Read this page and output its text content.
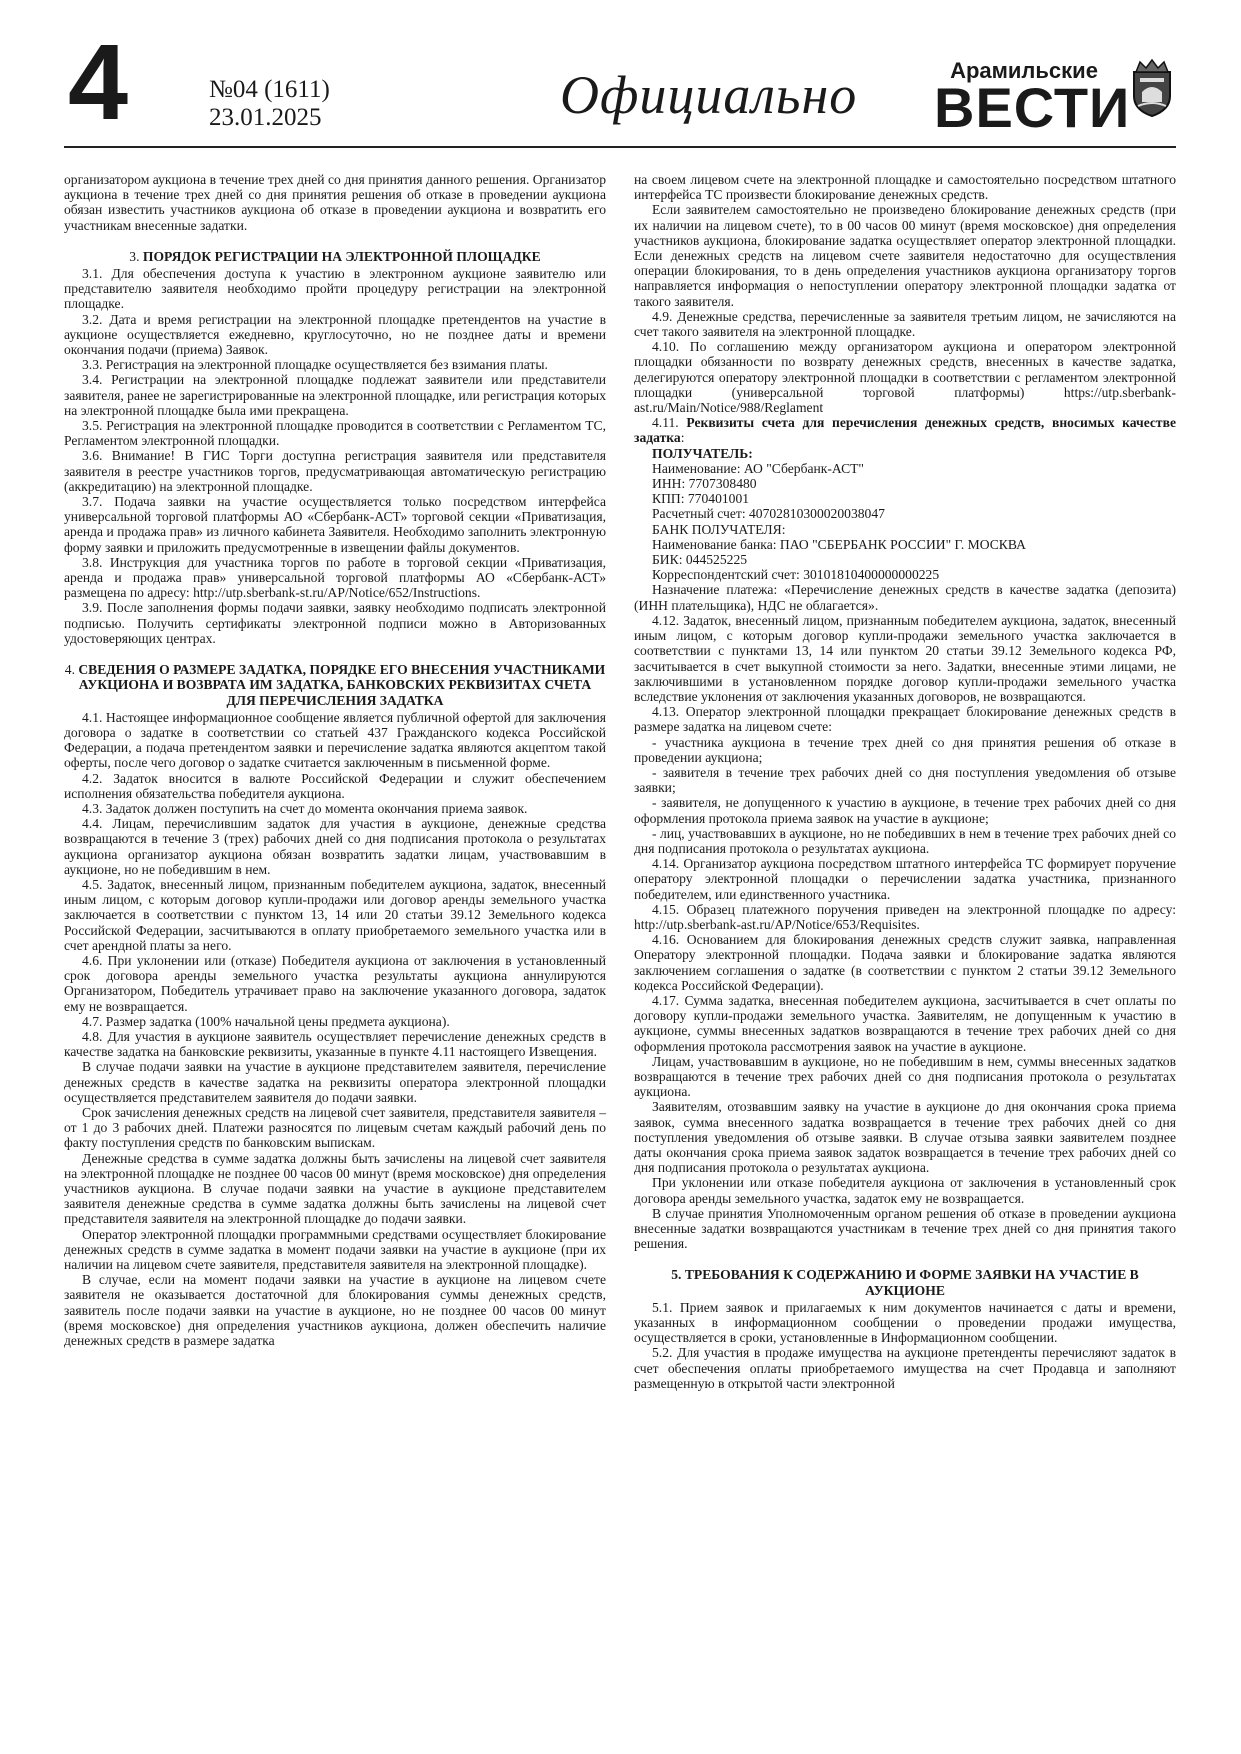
4	№04 (1611)
23.01.2025	Официально	Арамильские
ВЕСТИ

организатором аукциона в течение трех дней со дня принятия данного решения. Организатор аукциона в течение трех дней со дня принятия решения об отказе в проведении аукциона обязан известить участников аукциона об отказе в проведении аукциона и возвратить его участникам внесенные задатки.

3. ПОРЯДОК РЕГИСТРАЦИИ НА ЭЛЕКТРОННОЙ ПЛОЩАДКЕ

3.1. Для обеспечения доступа к участию в электронном аукционе заявителю или представителю заявителя необходимо пройти процедуру регистрации на электронной площадке.

3.2. Дата и время регистрации на электронной площадке претендентов на участие в аукционе осуществляется ежедневно, круглосуточно, но не позднее даты и времени окончания подачи (приема) Заявок.

3.3. Регистрация на электронной площадке осуществляется без взимания платы.

3.4. Регистрации на электронной площадке подлежат заявители или представители заявителя, ранее не зарегистрированные на электронной площадке, или регистрация которых на электронной площадке была ими прекращена.

3.5. Регистрация на электронной площадке проводится в соответствии с Регламентом ТС, Регламентом электронной площадки.

3.6. Внимание! В ГИС Торги доступна регистрация заявителя или представителя заявителя в реестре участников торгов, предусматривающая автоматическую регистрацию (аккредитацию) на электронной площадке.

3.7. Подача заявки на участие осуществляется только посредством интерфейса универсальной торговой платформы АО «Сбербанк-АСТ» торговой секции «Приватизация, аренда и продажа прав» из личного кабинета Заявителя. Необходимо заполнить электронную форму заявки и приложить предусмотренные в извещении файлы документов.

3.8. Инструкция для участника торгов по работе в торговой секции «Приватизация, аренда и продажа прав» универсальной торговой платформы АО «Сбербанк-АСТ» размещена по адресу: http://utp.sberbank-st.ru/AP/Notice/652/Instructions.

3.9. После заполнения формы подачи заявки, заявку необходимо подписать электронной подписью. Получить сертификаты электронной подписи можно в Авторизованных удостоверяющих центрах.

4. СВЕДЕНИЯ О РАЗМЕРЕ ЗАДАТКА, ПОРЯДКЕ ЕГО ВНЕСЕНИЯ УЧАСТНИКАМИ АУКЦИОНА И ВОЗВРАТА ИМ ЗАДАТКА, БАНКОВСКИХ РЕКВИЗИТАХ СЧЕТА ДЛЯ ПЕРЕЧИСЛЕНИЯ ЗАДАТКА

4.1. Настоящее информационное сообщение является публичной офертой для заключения договора о задатке в соответствии со статьей 437 Гражданского кодекса Российской Федерации, а подача претендентом заявки и перечисление задатка являются акцептом такой оферты, после чего договор о задатке считается заключенным в письменной форме.

4.2. Задаток вносится в валюте Российской Федерации и служит обеспечением исполнения обязательства победителя аукциона.

4.3. Задаток должен поступить на счет до момента окончания приема заявок.

4.4. Лицам, перечислившим задаток для участия в аукционе, денежные средства возвращаются в течение 3 (трех) рабочих дней со дня подписания протокола о результатах аукциона организатор аукциона обязан возвратить задатки лицам, участвовавшим в аукционе, но не победившим в нем.

4.5. Задаток, внесенный лицом, признанным победителем аукциона, задаток, внесенный иным лицом, с которым договор купли-продажи или договор аренды земельного участка заключается в соответствии с пунктом 13, 14 или 20 статьи 39.12 Земельного кодекса Российской Федерации, засчитываются в оплату приобретаемого земельного участка или в счет арендной платы за него.

4.6. При уклонении или (отказе) Победителя аукциона от заключения в установленный срок договора аренды земельного участка результаты аукциона аннулируются Организатором, Победитель утрачивает право на заключение указанного договора, задаток ему не возвращается.

4.7. Размер задатка (100% начальной цены предмета аукциона).

4.8. Для участия в аукционе заявитель осуществляет перечисление денежных средств в качестве задатка на банковские реквизиты, указанные в пункте 4.11 настоящего Извещения.

В случае подачи заявки на участие в аукционе представителем заявителя, перечисление денежных средств в качестве задатка на реквизиты оператора электронной площадки осуществляется представителем заявителя до подачи заявки.

Срок зачисления денежных средств на лицевой счет заявителя, представителя заявителя – от 1 до 3 рабочих дней. Платежи разносятся по лицевым счетам каждый рабочий день по факту поступления средств по банковским выпискам.

Денежные средства в сумме задатка должны быть зачислены на лицевой счет заявителя на электронной площадке не позднее 00 часов 00 минут (время московское) дня определения участников аукциона. В случае подачи заявки на участие в аукционе представителем заявителя денежные средства в сумме задатка должны быть зачислены на лицевой счет представителя заявителя на электронной площадке до подачи заявки.

Оператор электронной площадки программными средствами осуществляет блокирование денежных средств в сумме задатка в момент подачи заявки на участие в аукционе (при их наличии на лицевом счете заявителя, представителя заявителя на электронной площадке).

В случае, если на момент подачи заявки на участие в аукционе на лицевом счете заявителя не оказывается достаточной для блокирования суммы денежных средств, заявитель после подачи заявки на участие в аукционе, но не позднее 00 часов 00 минут (время московское) дня определения участников аукциона, должен обеспечить наличие денежных средств в размере задатка

на своем лицевом счете на электронной площадке и самостоятельно посредством штатного интерфейса ТС произвести блокирование денежных средств.

Если заявителем самостоятельно не произведено блокирование денежных средств (при их наличии на лицевом счете), то в 00 часов 00 минут (время московское) дня определения участников аукциона, блокирование задатка осуществляет оператор электронной площадки. Если денежных средств на лицевом счете заявителя недостаточно для осуществления операции блокирования, то в день определения участников аукциона организатору торгов направляется информация о непоступлении оператору электронной площадки задатка от такого заявителя.

4.9. Денежные средства, перечисленные за заявителя третьим лицом, не зачисляются на счет такого заявителя на электронной площадке.

4.10. По соглашению между организатором аукциона и оператором электронной площадки обязанности по возврату денежных средств, внесенных в качестве задатка, делегируются оператору электронной площадки в соответствии с регламентом электронной площадки (универсальной торговой платформы) https://utp.sberbank-ast.ru/Main/Notice/988/Reglament

4.11. Реквизиты счета для перечисления денежных средств, вносимых качестве задатка:

ПОЛУЧАТЕЛЬ:

Наименование: АО "Сбербанк-АСТ"

ИНН: 7707308480

КПП: 770401001

Расчетный счет: 40702810300020038047

БАНК ПОЛУЧАТЕЛЯ:

Наименование банка: ПАО "СБЕРБАНК РОССИИ" Г. МОСКВА

БИК: 044525225

Корреспондентский счет: 30101810400000000225

Назначение платежа: «Перечисление денежных средств в качестве задатка (депозита) (ИНН плательщика), НДС не облагается».

4.12. Задаток, внесенный лицом, признанным победителем аукциона, задаток, внесенный иным лицом, с которым договор купли-продажи земельного участка заключается в соответствии с пунктами 13, 14 или пунктом 20 статьи 39.12 Земельного кодекса РФ, засчитывается в счет выкупной стоимости за него. Задатки, внесенные этими лицами, не заключившими в установленном порядке договор купли-продажи земельного участка вследствие уклонения от заключения указанных договоров, не возвращаются.

4.13. Оператор электронной площадки прекращает блокирование денежных средств в размере задатка на лицевом счете:

- участника аукциона в течение трех дней со дня принятия решения об отказе в проведении аукциона;

- заявителя в течение трех рабочих дней со дня поступления уведомления об отзыве заявки;

- заявителя, не допущенного к участию в аукционе, в течение трех рабочих дней со дня оформления протокола приема заявок на участие в аукционе;

- лиц, участвовавших в аукционе, но не победивших в нем в течение трех рабочих дней со дня подписания протокола о результатах аукциона.

4.14. Организатор аукциона посредством штатного интерфейса ТС формирует поручение оператору электронной площадки о перечислении задатка участника, признанного победителем, или единственного участника.

4.15. Образец платежного поручения приведен на электронной площадке по адресу: http://utp.sberbank-ast.ru/AP/Notice/653/Requisites.

4.16. Основанием для блокирования денежных средств служит заявка, направленная Оператору электронной площадки. Подача заявки и блокирование задатка являются заключением соглашения о задатке (в соответствии с пунктом 2 статьи 39.12 Земельного кодекса Российской Федерации).

4.17. Сумма задатка, внесенная победителем аукциона, засчитывается в счет оплаты по договору купли-продажи земельного участка. Заявителям, не допущенным к участию в аукционе, суммы внесенных задатков возвращаются в течение трех рабочих дней со дня оформления протокола рассмотрения заявок на участие в аукционе.

Лицам, участвовавшим в аукционе, но не победившим в нем, суммы внесенных задатков возвращаются в течение трех рабочих дней со дня подписания протокола о результатах аукциона.

Заявителям, отозвавшим заявку на участие в аукционе до дня окончания срока приема заявок, сумма внесенного задатка возвращается в течение трех рабочих дней со дня поступления уведомления об отзыве заявки. В случае отзыва заявки заявителем позднее даты окончания срока приема заявок задаток возвращается в течение трех рабочих дней со дня подписания протокола о результатах аукциона.

При уклонении или отказе победителя аукциона от заключения в установленный срок договора аренды земельного участка, задаток ему не возвращается.

В случае принятия Уполномоченным органом решения об отказе в проведении аукциона внесенные задатки возвращаются участникам в течение трех дней со дня принятия такого решения.

5. ТРЕБОВАНИЯ К СОДЕРЖАНИЮ И ФОРМЕ ЗАЯВКИ НА УЧАСТИЕ В АУКЦИОНЕ

5.1. Прием заявок и прилагаемых к ним документов начинается с даты и времени, указанных в информационном сообщении о проведении продажи имущества, осуществляется в сроки, установленные в Информационном сообщении.

5.2. Для участия в продаже имущества на аукционе претенденты перечисляют задаток в счет обеспечения оплаты приобретаемого имущества на счет Продавца и заполняют размещенную в открытой части электронной
